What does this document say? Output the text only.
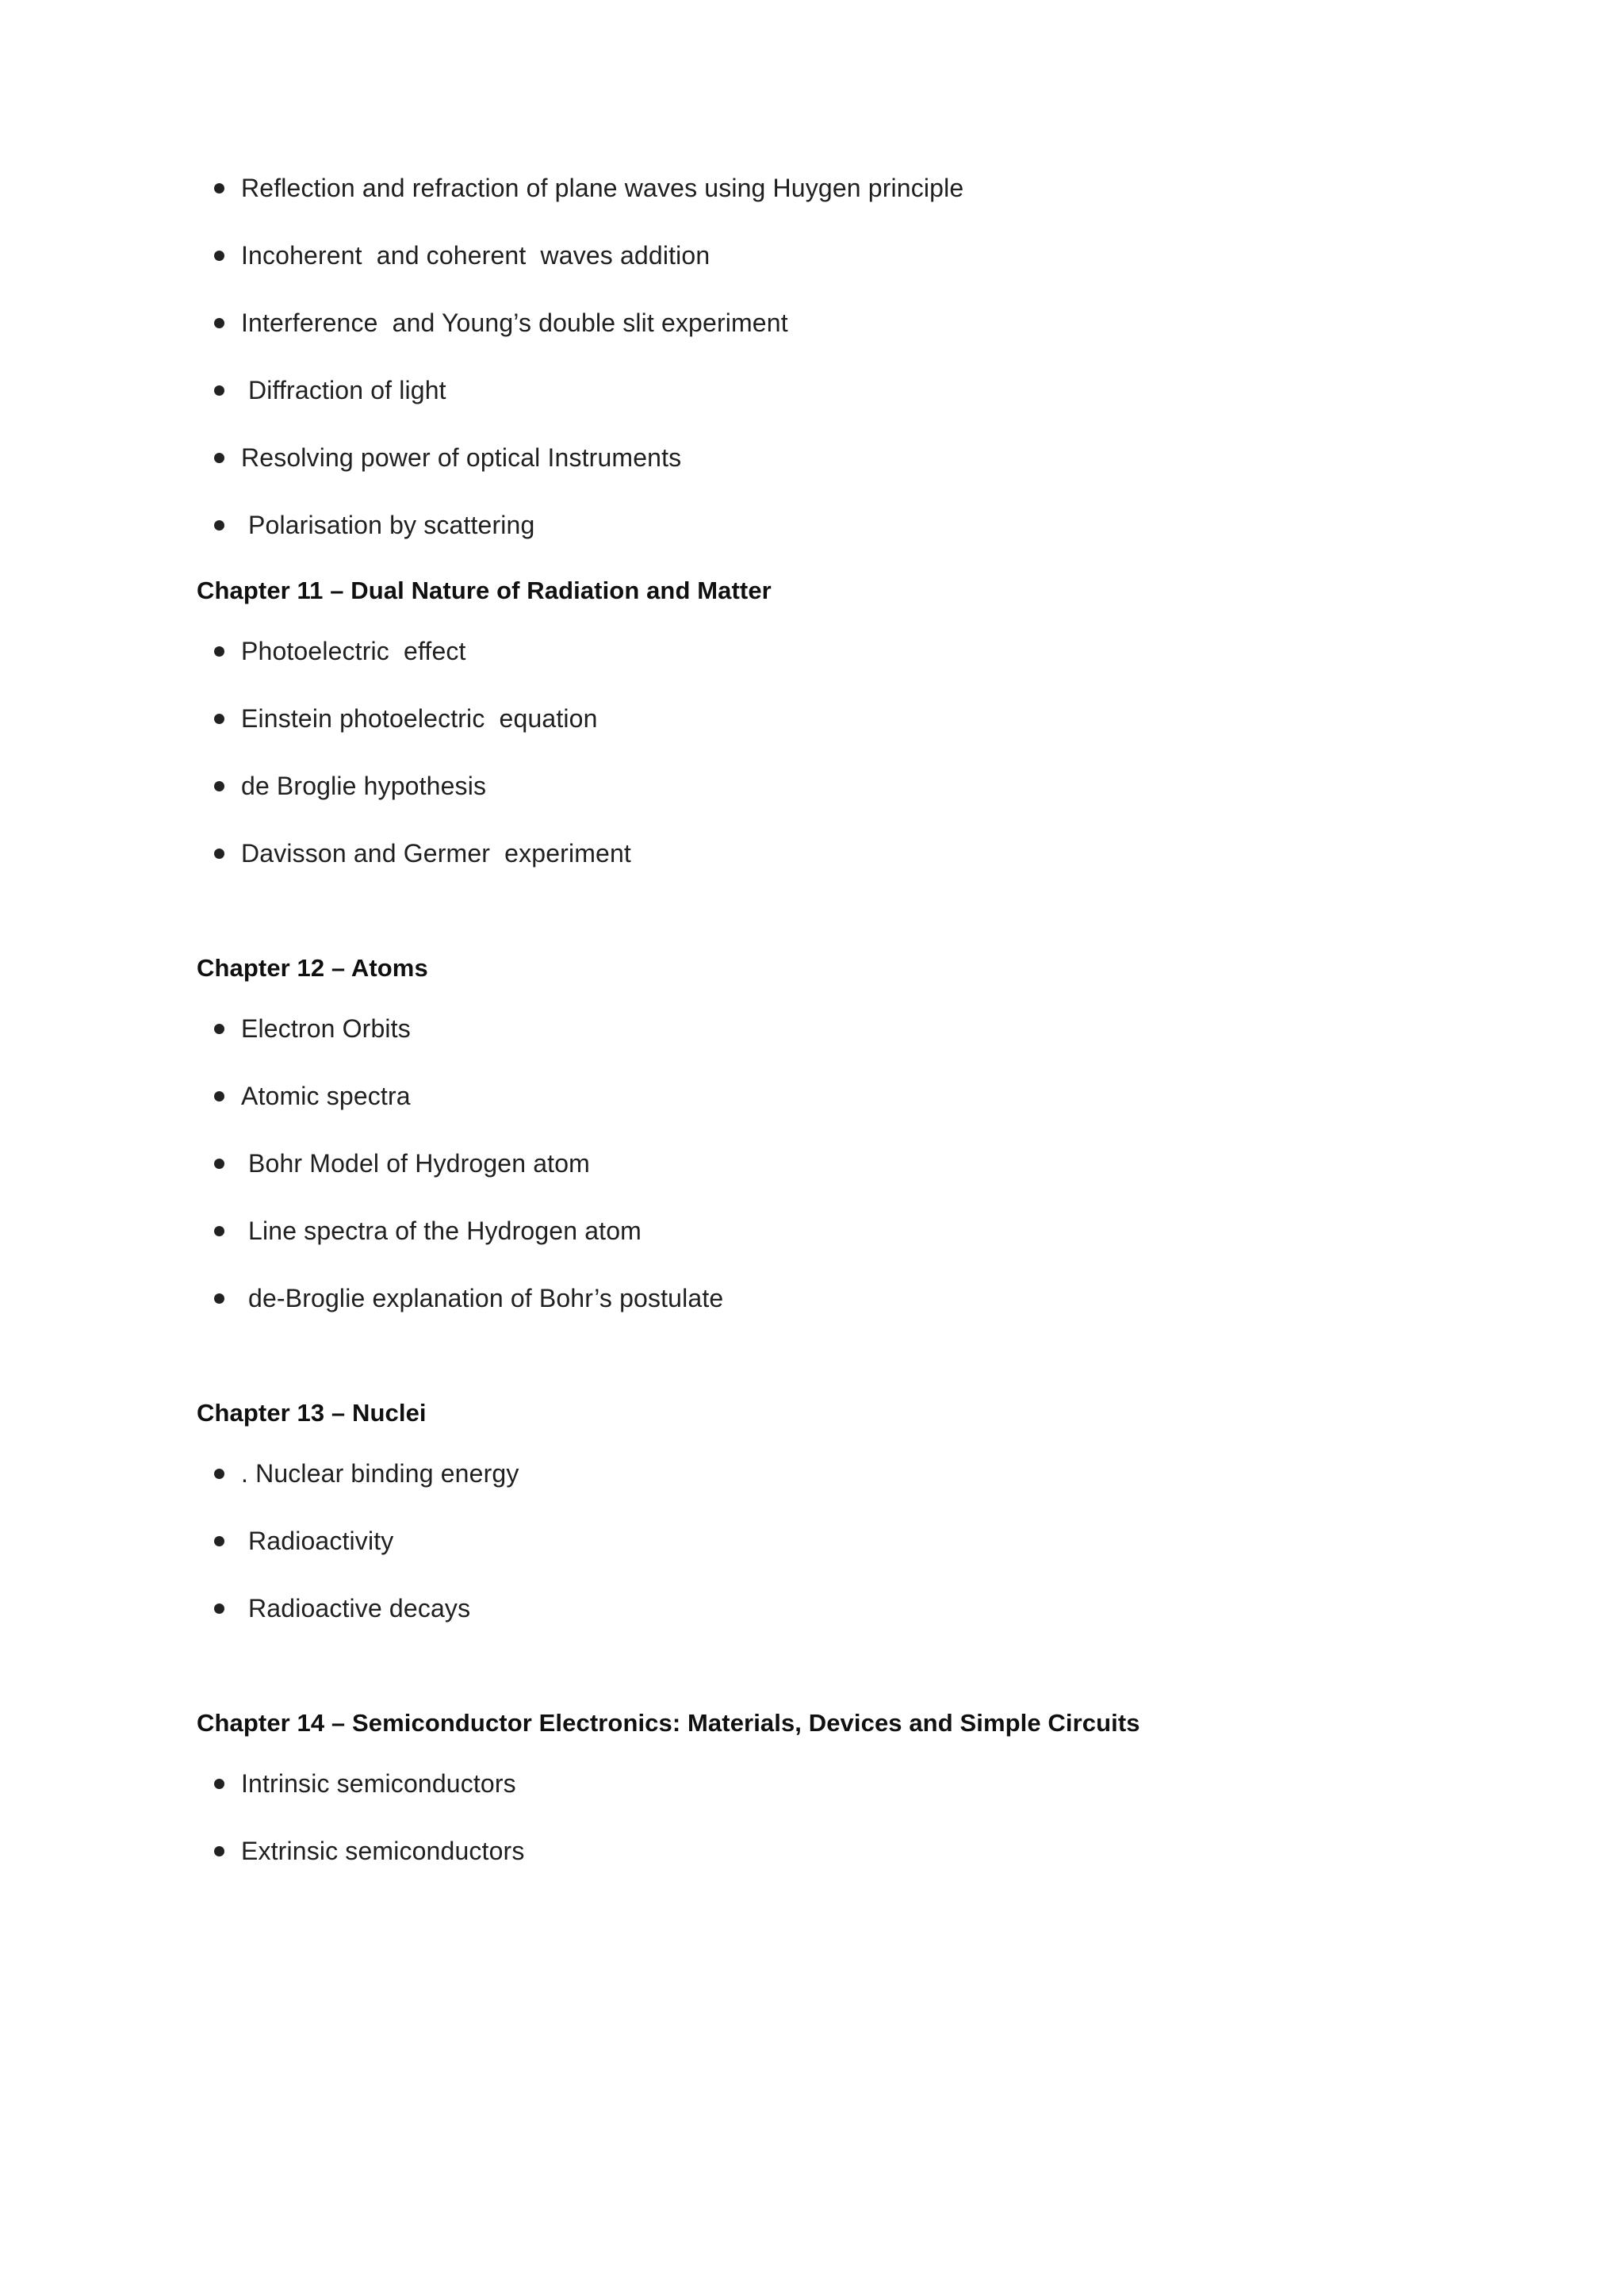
Reflection and refraction of plane waves using Huygen principle
Incoherent  and coherent  waves addition
Interference  and Young’s double slit experiment
Diffraction of light
Resolving power of optical Instruments
Polarisation by scattering
Chapter 11 – Dual Nature of Radiation and Matter
Photoelectric  effect
Einstein photoelectric  equation
de Broglie hypothesis
Davisson and Germer  experiment
Chapter 12 – Atoms
Electron Orbits
Atomic spectra
Bohr Model of Hydrogen atom
Line spectra of the Hydrogen atom
de-Broglie explanation of Bohr’s postulate
Chapter 13 – Nuclei
. Nuclear binding energy
Radioactivity
Radioactive decays
Chapter 14 – Semiconductor Electronics: Materials, Devices and Simple Circuits
Intrinsic semiconductors
Extrinsic semiconductors
